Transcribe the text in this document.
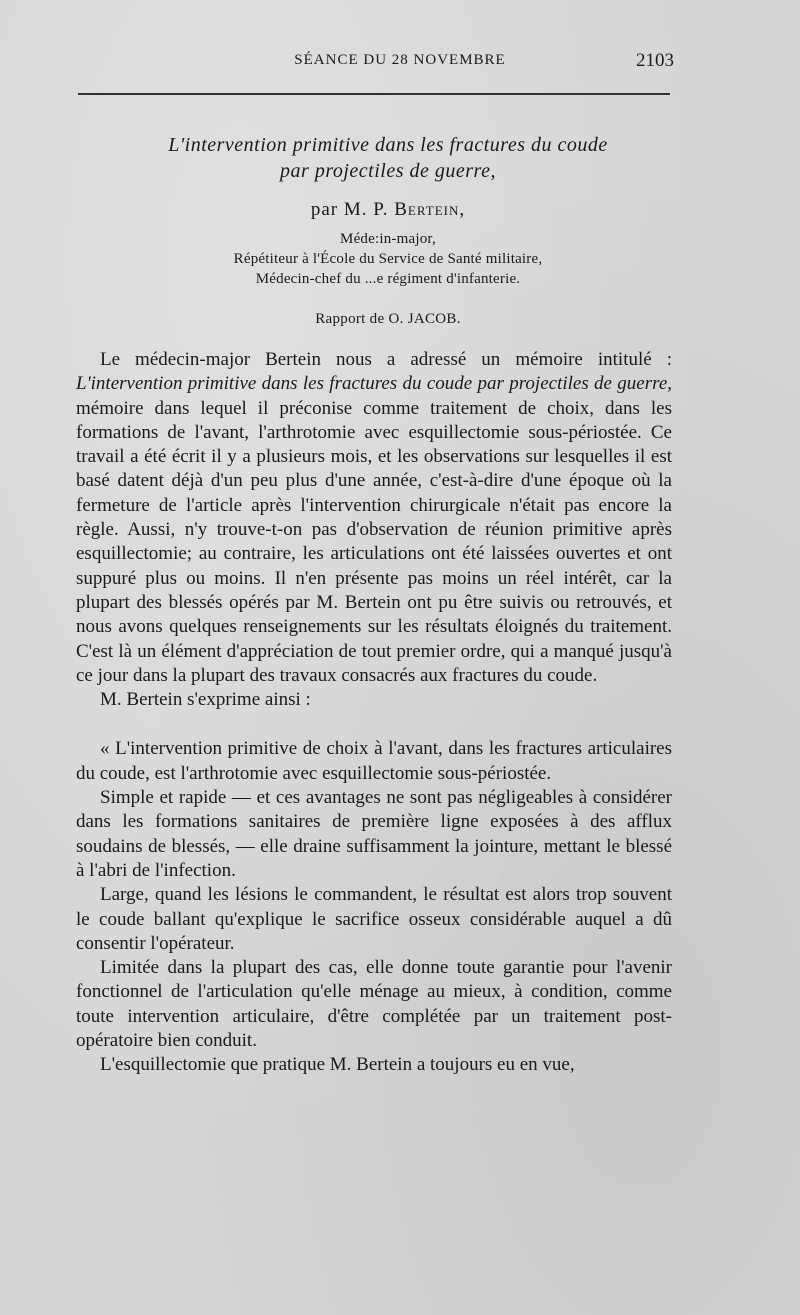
SÉANCE DU 28 NOVEMBRE	2103
L'intervention primitive dans les fractures du coude
par projectiles de guerre,
par M. P. Bertein,
Méde:in-major,
Répétiteur à l'École du Service de Santé militaire,
Médecin-chef du ...e régiment d'infanterie.
Rapport de O. JACOB.

Le médecin-major Bertein nous a adressé un mémoire intitulé : L'intervention primitive dans les fractures du coude par projectiles de guerre, mémoire dans lequel il préconise comme traitement de choix, dans les formations de l'avant, l'arthrotomie avec esquillectomie sous-périostée. Ce travail a été écrit il y a plusieurs mois, et les observations sur lesquelles il est basé datent déjà d'un peu plus d'une année, c'est-à-dire d'une époque où la fermeture de l'article après l'intervention chirurgicale n'était pas encore la règle. Aussi, n'y trouve-t-on pas d'observation de réunion primitive après esquillectomie; au contraire, les articulations ont été laissées ouvertes et ont suppuré plus ou moins. Il n'en présente pas moins un réel intérêt, car la plupart des blessés opérés par M. Bertein ont pu être suivis ou retrouvés, et nous avons quelques renseignements sur les résultats éloignés du traitement. C'est là un élément d'appréciation de tout premier ordre, qui a manqué jusqu'à ce jour dans la plupart des travaux consacrés aux fractures du coude.

M. Bertein s'exprime ainsi :

« L'intervention primitive de choix à l'avant, dans les fractures articulaires du coude, est l'arthrotomie avec esquillectomie sous-périostée.

Simple et rapide — et ces avantages ne sont pas négligeables à considérer dans les formations sanitaires de première ligne exposées à des afflux soudains de blessés, — elle draine suffisamment la jointure, mettant le blessé à l'abri de l'infection.

Large, quand les lésions le commandent, le résultat est alors trop souvent le coude ballant qu'explique le sacrifice osseux considérable auquel a dû consentir l'opérateur.

Limitée dans la plupart des cas, elle donne toute garantie pour l'avenir fonctionnel de l'articulation qu'elle ménage au mieux, à condition, comme toute intervention articulaire, d'être complétée par un traitement post-opératoire bien conduit.

L'esquillectomie que pratique M. Bertein a toujours eu en vue,
